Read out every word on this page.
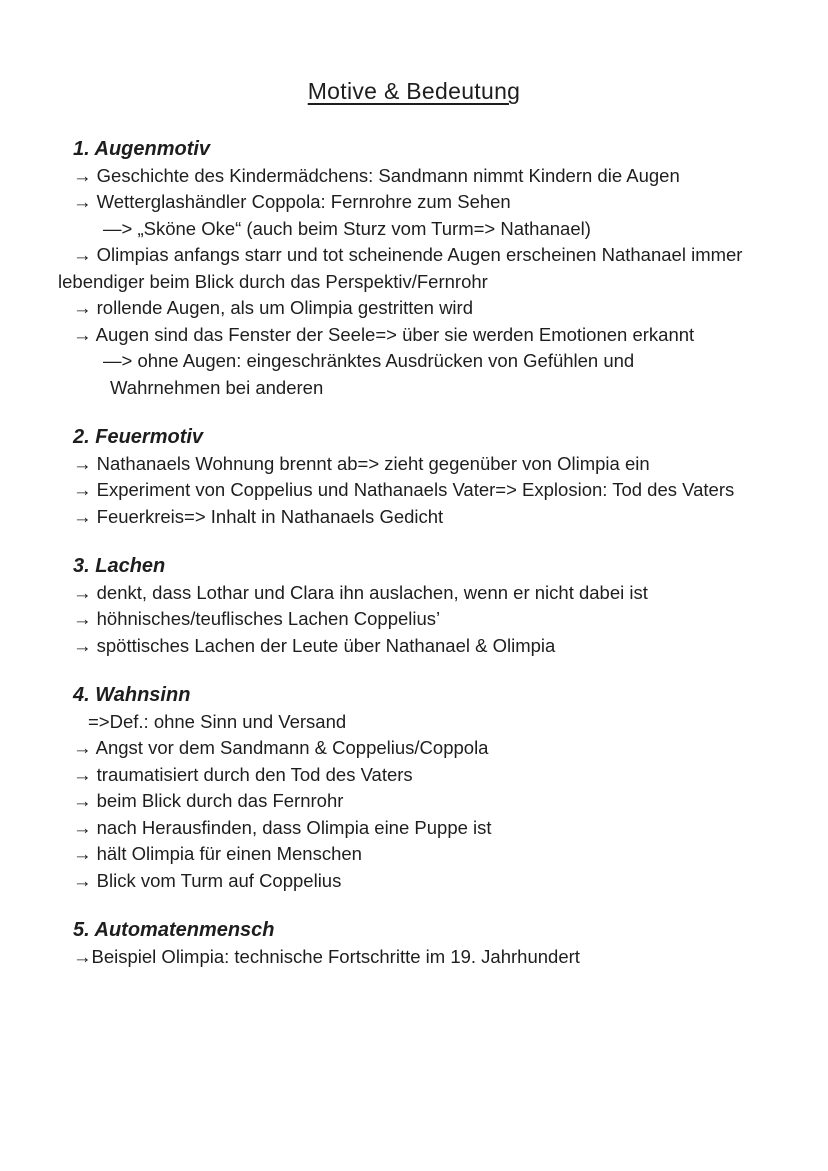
Motive & Bedeutung
1. Augenmotiv

→ Geschichte des Kindermädchens: Sandmann nimmt Kindern die Augen

→ Wetterglashändler Coppola: Fernrohre zum Sehen

—> „Sköne Oke“ (auch beim Sturz vom Turm=> Nathanael)

→ Olimpias anfangs starr und tot scheinende Augen erscheinen Nathanael immer lebendiger beim Blick durch das Perspektiv/Fernrohr

→ rollende Augen, als um Olimpia gestritten wird

→ Augen sind das Fenster der Seele=> über sie werden Emotionen erkannt

—> ohne Augen: eingeschränktes Ausdrücken von Gefühlen und Wahrnehmen bei anderen

2. Feuermotiv

→ Nathanaels Wohnung brennt ab=> zieht gegenüber von Olimpia ein

→ Experiment von Coppelius und Nathanaels Vater=> Explosion: Tod des Vaters

→ Feuerkreis=> Inhalt in Nathanaels Gedicht

3. Lachen

→ denkt, dass Lothar und Clara ihn auslachen, wenn er nicht dabei ist

→ höhnisches/teuflisches Lachen Coppelius’

→ spöttisches Lachen der Leute über Nathanael & Olimpia

4. Wahnsinn

=>Def.: ohne Sinn und Versand

→ Angst vor dem Sandmann & Coppelius/Coppola

→ traumatisiert durch den Tod des Vaters

→ beim Blick durch das Fernrohr

→ nach Herausfinden, dass Olimpia eine Puppe ist

→ hält Olimpia für einen Menschen

→ Blick vom Turm auf Coppelius

5. Automatenmensch

→Beispiel Olimpia: technische Fortschritte im 19. Jahrhundert
